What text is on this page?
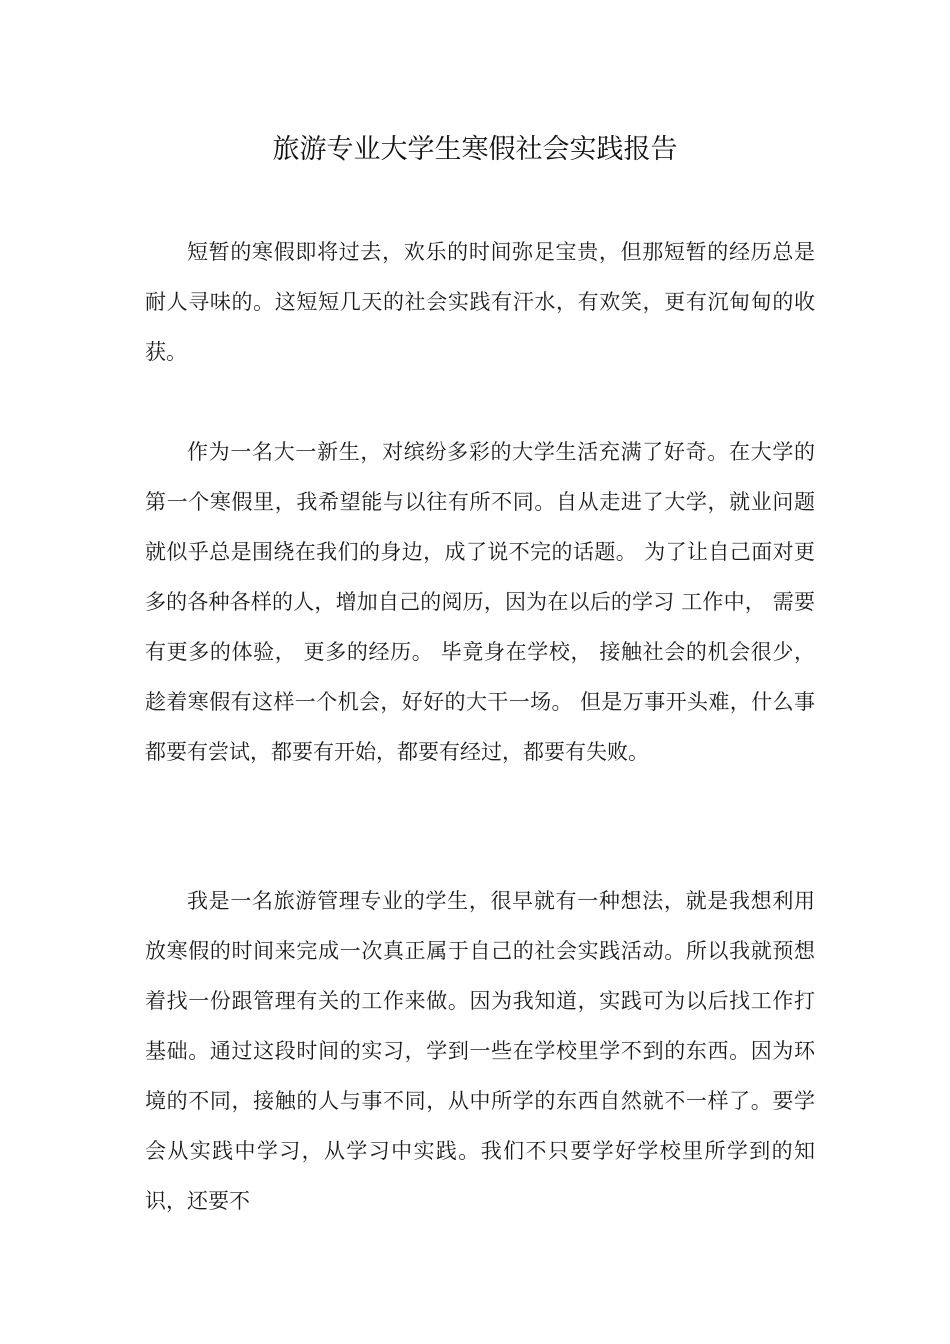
旅游专业大学生寒假社会实践报告

短暂的寒假即将过去，欢乐的时间弥足宝贵，但那短暂的经历总是耐人寻味的。这短短几天的社会实践有汗水，有欢笑，更有沉甸甸的收获。

作为一名大一新生，对缤纷多彩的大学生活充满了好奇。在大学的第一个寒假里，我希望能与以往有所不同。自从走进了大学，就业问题就似乎总是围绕在我们的身边，成了说不完的话题。 为了让自己面对更多的各种各样的人，增加自己的阅历，因为在以后的学习 工作中， 需要有更多的体验， 更多的经历。 毕竟身在学校， 接触社会的机会很少， 趁着寒假有这样一个机会，好好的大干一场。 但是万事开头难，什么事都要有尝试，都要有开始，都要有经过，都要有失败。

我是一名旅游管理专业的学生，很早就有一种想法，就是我想利用放寒假的时间来完成一次真正属于自己的社会实践活动。所以我就预想着找一份跟管理有关的工作来做。因为我知道，实践可为以后找工作打基础。通过这段时间的实习，学到一些在学校里学不到的东西。因为环境的不同，接触的人与事不同，从中所学的东西自然就不一样了。要学会从实践中学习，从学习中实践。我们不只要学好学校里所学到的知识，还要不
